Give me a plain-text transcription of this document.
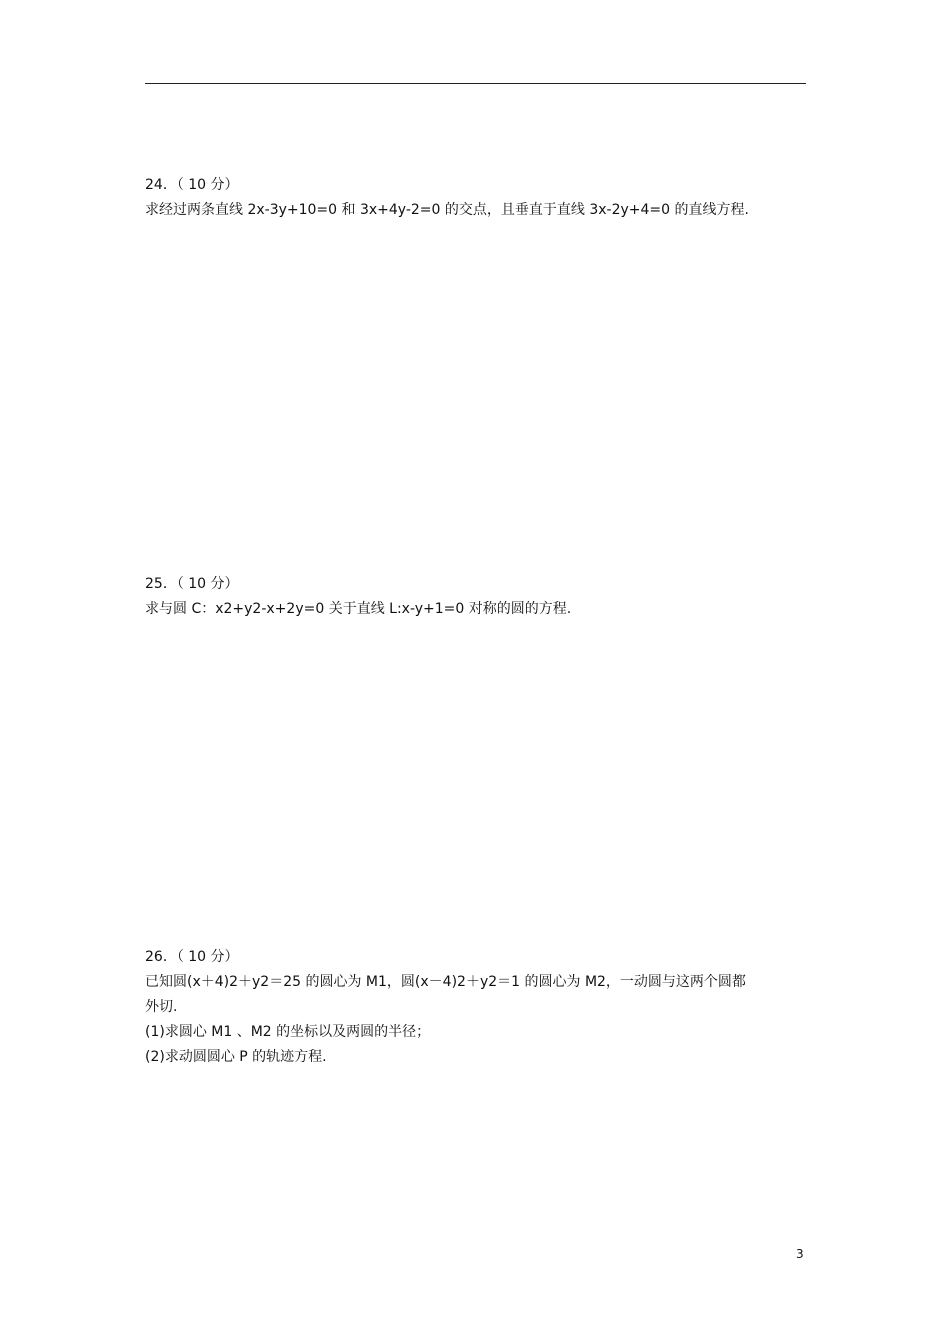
24．（ 10 分）
求经过两条直线 2x-3y+10=0 和 3x+4y-2=0 的交点，且垂直于直线 3x-2y+4=0 的直线方程.
25．（ 10 分）
求与圆 C：x2+y2-x+2y=0 关于直线 L:x-y+1=0 对称的圆的方程.
26．（ 10 分）
已知圆(x＋4)2＋y2＝25 的圆心为 M1，圆(x－4)2＋y2＝1 的圆心为 M2，一动圆与这两个圆都
外切.
(1)求圆心 M1 、M2 的坐标以及两圆的半径；
(2)求动圆圆心 P 的轨迹方程.
3
